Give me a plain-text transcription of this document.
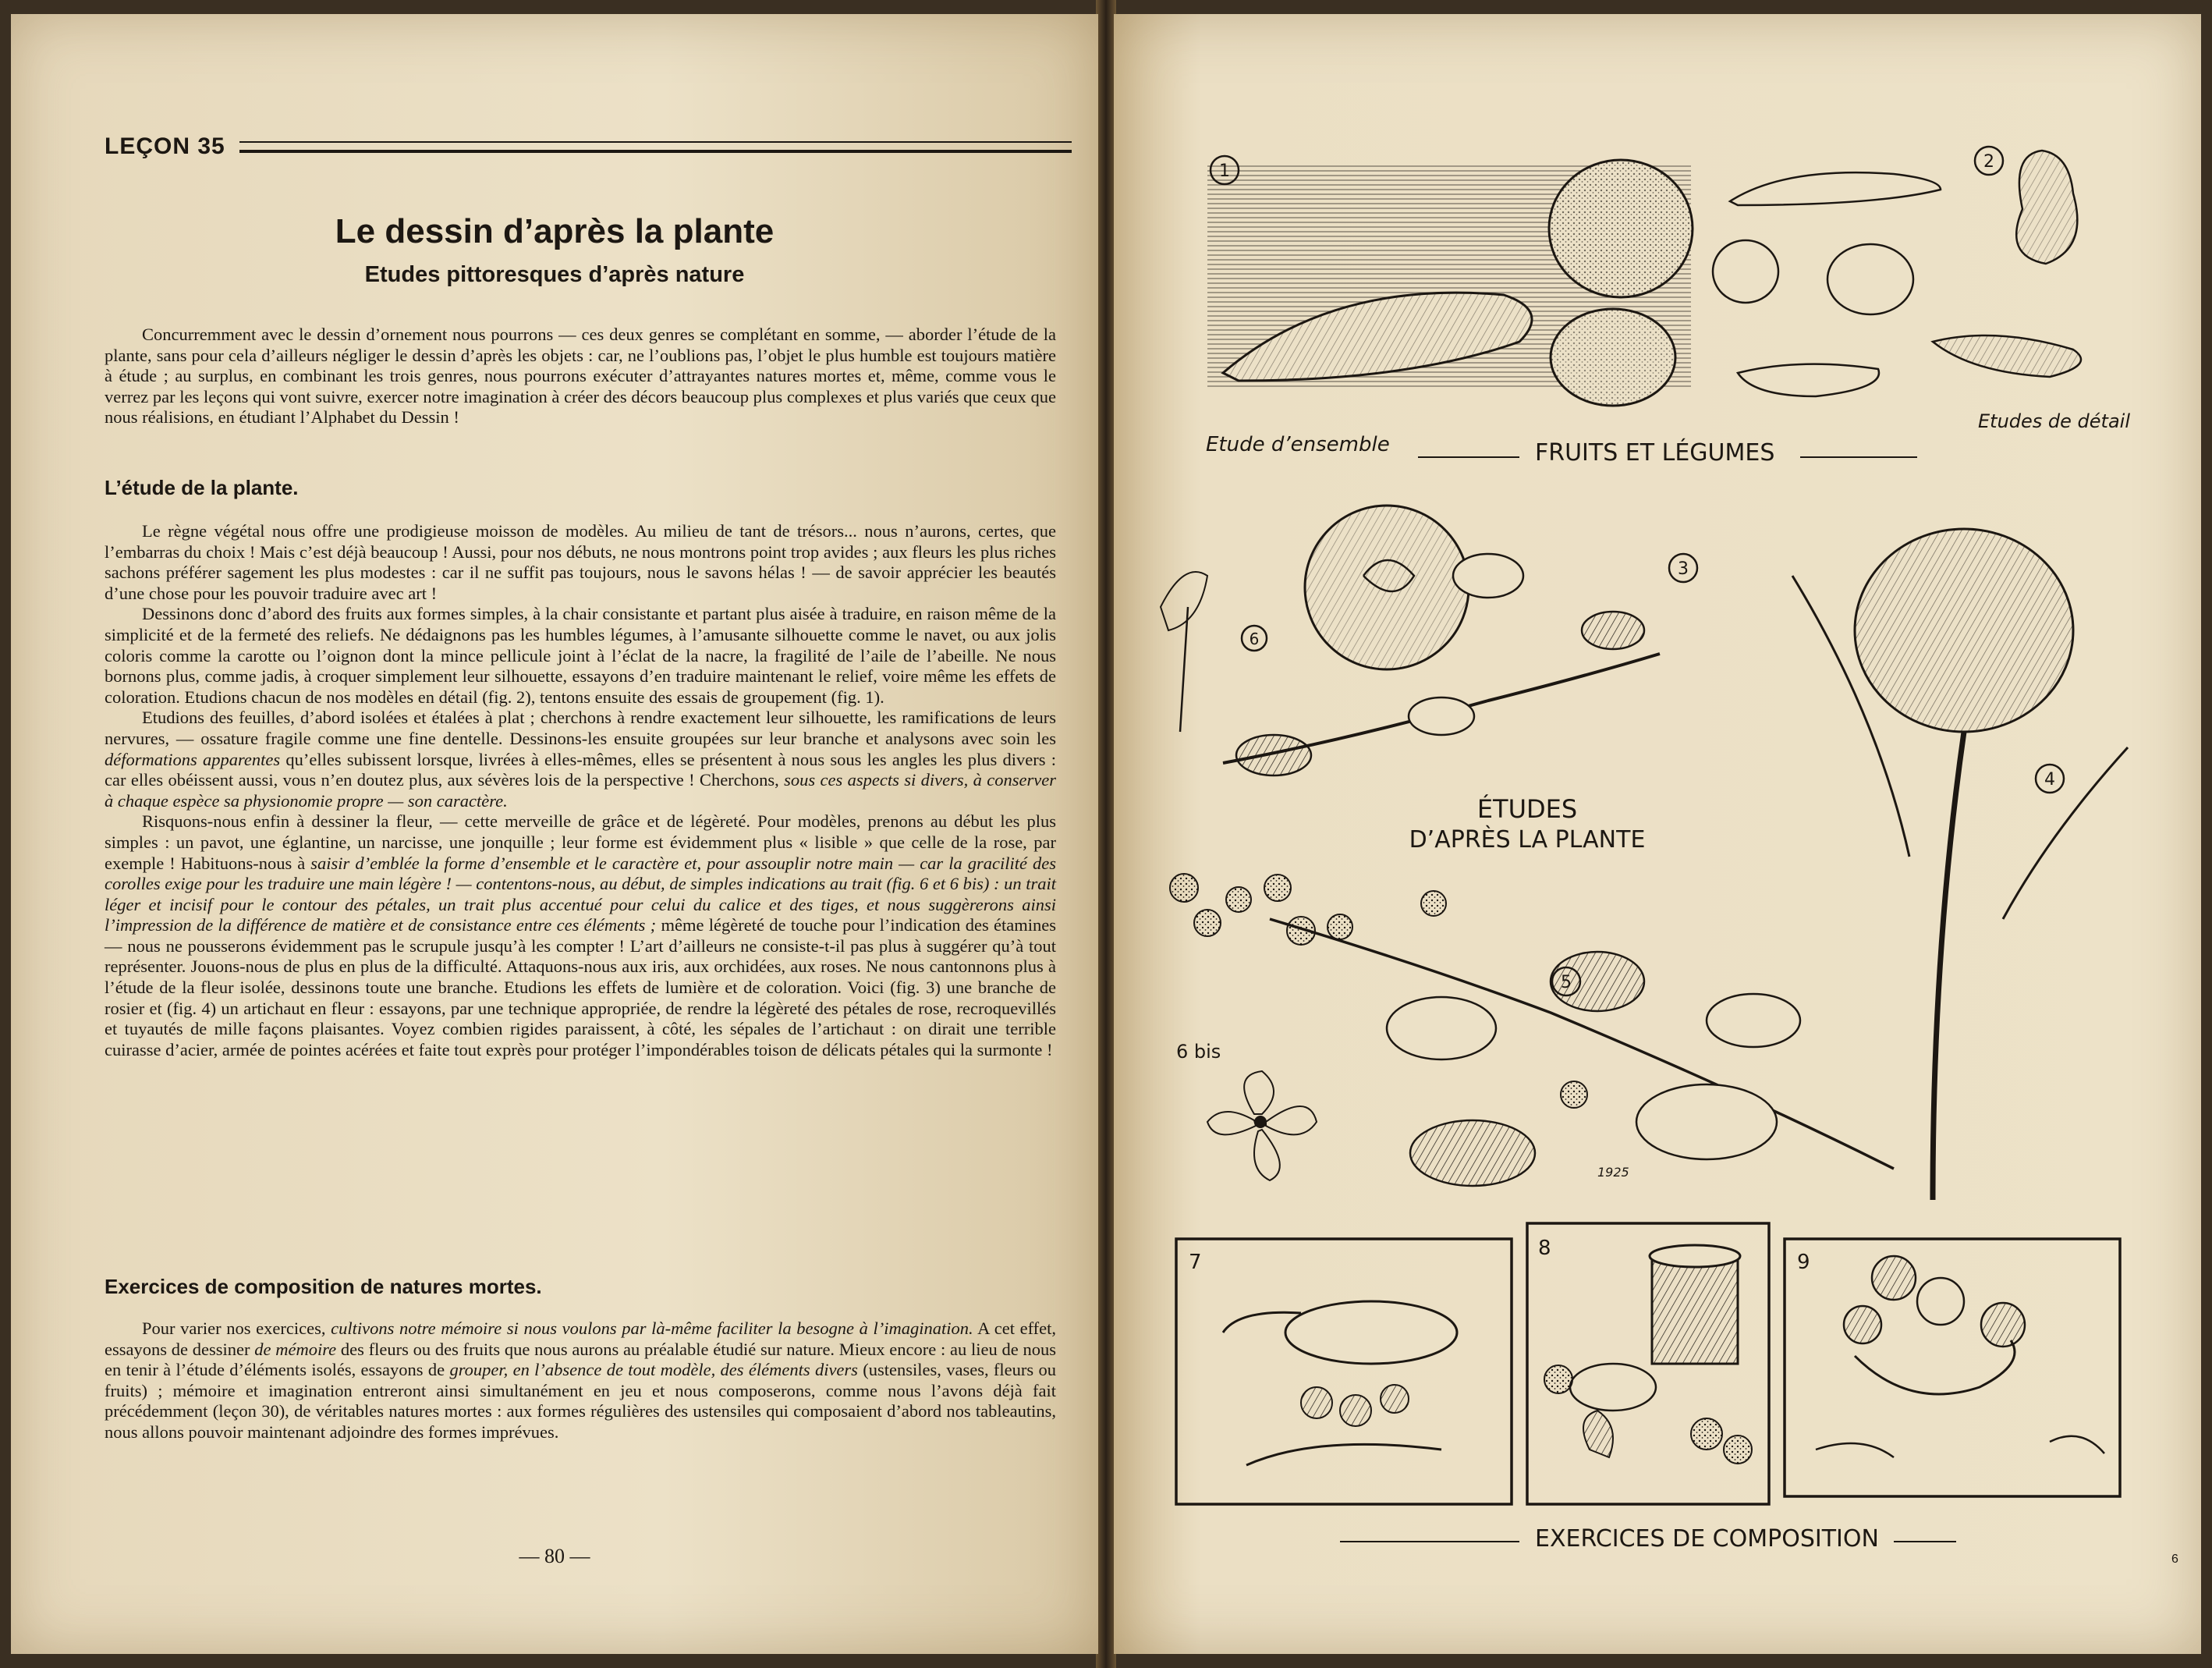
LEÇON 35
Le dessin d’après la plante
Etudes pittoresques d’après nature

Concurremment avec le dessin d’ornement nous pourrons — ces deux genres se complétant en somme, — aborder l’étude de la plante, sans pour cela d’ailleurs négliger le dessin d’après les objets : car, ne l’oublions pas, l’objet le plus humble est toujours matière à étude ; au surplus, en combinant les trois genres, nous pourrons exécuter d’attrayantes natures mortes et, même, comme vous le verrez par les leçons qui vont suivre, exercer notre imagination à créer des décors beaucoup plus complexes et plus variés que ceux que nous réalisions, en étudiant l’Alphabet du Dessin !

L’étude de la plante.

Le règne végétal nous offre une prodigieuse moisson de modèles. Au milieu de tant de trésors... nous n’aurons, certes, que l’embarras du choix ! Mais c’est déjà beaucoup ! Aussi, pour nos débuts, ne nous montrons point trop avides ; aux fleurs les plus riches sachons préférer sagement les plus modestes : car il ne suffit pas toujours, nous le savons hélas ! — de savoir apprécier les beautés d’une chose pour les pouvoir traduire avec art !

Dessinons donc d’abord des fruits aux formes simples, à la chair consistante et partant plus aisée à traduire, en raison même de la simplicité et de la fermeté des reliefs. Ne dédaignons pas les humbles légumes, à l’amusante silhouette comme le navet, ou aux jolis coloris comme la carotte ou l’oignon dont la mince pellicule joint à l’éclat de la nacre, la fragilité de l’aile de l’abeille. Ne nous bornons plus, comme jadis, à croquer simplement leur silhouette, essayons d’en traduire maintenant le relief, voire même les effets de coloration. Etudions chacun de nos modèles en détail (fig. 2), tentons ensuite des essais de groupement (fig. 1).

Etudions des feuilles, d’abord isolées et étalées à plat ; cherchons à rendre exactement leur silhouette, les ramifications de leurs nervures, — ossature fragile comme une fine dentelle. Dessinons-les ensuite groupées sur leur branche et analysons avec soin les déformations apparentes qu’elles subissent lorsque, livrées à elles-mêmes, elles se présentent à nous sous les angles les plus divers : car elles obéissent aussi, vous n’en doutez plus, aux sévères lois de la perspective ! Cherchons, sous ces aspects si divers, à conserver à chaque espèce sa physionomie propre — son caractère.

Risquons-nous enfin à dessiner la fleur, — cette merveille de grâce et de légèreté. Pour modèles, prenons au début les plus simples : un pavot, une églantine, un narcisse, une jonquille ; leur forme est évidemment plus « lisible » que celle de la rose, par exemple ! Habituons-nous à saisir d’emblée la forme d’ensemble et le caractère et, pour assouplir notre main — car la gracilité des corolles exige pour les traduire une main légère ! — contentons-nous, au début, de simples indications au trait (fig. 6 et 6 bis) : un trait léger et incisif pour le contour des pétales, un trait plus accentué pour celui du calice et des tiges, et nous suggèrerons ainsi l’impression de la différence de matière et de consistance entre ces éléments ; même légèreté de touche pour l’indication des étamines — nous ne pousserons évidemment pas le scrupule jusqu’à les compter ! L’art d’ailleurs ne consiste-t-il pas plus à suggérer qu’à tout représenter. Jouons-nous de plus en plus de la difficulté. Attaquons-nous aux iris, aux orchidées, aux roses. Ne nous cantonnons plus à l’étude de la fleur isolée, dessinons toute une branche. Etudions les effets de lumière et de coloration. Voici (fig. 3) une branche de rosier et (fig. 4) un artichaut en fleur : essayons, par une technique appropriée, de rendre la légèreté des pétales de rose, recroquevillés et tuyautés de mille façons plaisantes. Voyez combien rigides paraissent, à côté, les sépales de l’artichaut : on dirait une terrible cuirasse d’acier, armée de pointes acérées et faite tout exprès pour protéger l’impondérables toison de délicats pétales qui la surmonte !

Exercices de composition de natures mortes.

Pour varier nos exercices, cultivons notre mémoire si nous voulons par là-même faciliter la besogne à l’imagination. A cet effet, essayons de dessiner de mémoire des fleurs ou des fruits que nous aurons au préalable étudié sur nature. Mieux encore : au lieu de nous en tenir à l’étude d’éléments isolés, essayons de grouper, en l’absence de tout modèle, des éléments divers (ustensiles, vases, fleurs ou fruits) ; mémoire et imagination entreront ainsi simultanément en jeu et nous composerons, comme nous l’avons déjà fait précédemment (leçon 30), de véritables natures mortes : aux formes régulières des ustensiles qui composaient d’abord nos tableautins, nous allons pouvoir maintenant adjoindre des formes imprévues.

— 80 —
1
Etude d’ensemble
2
Etudes de détail
FRUITS ET LÉGUMES
3
6
4
ÉTUDES
D’APRÈS LA PLANTE
5
6 bis
1925
7
8
9
EXERCICES DE COMPOSITION
6
